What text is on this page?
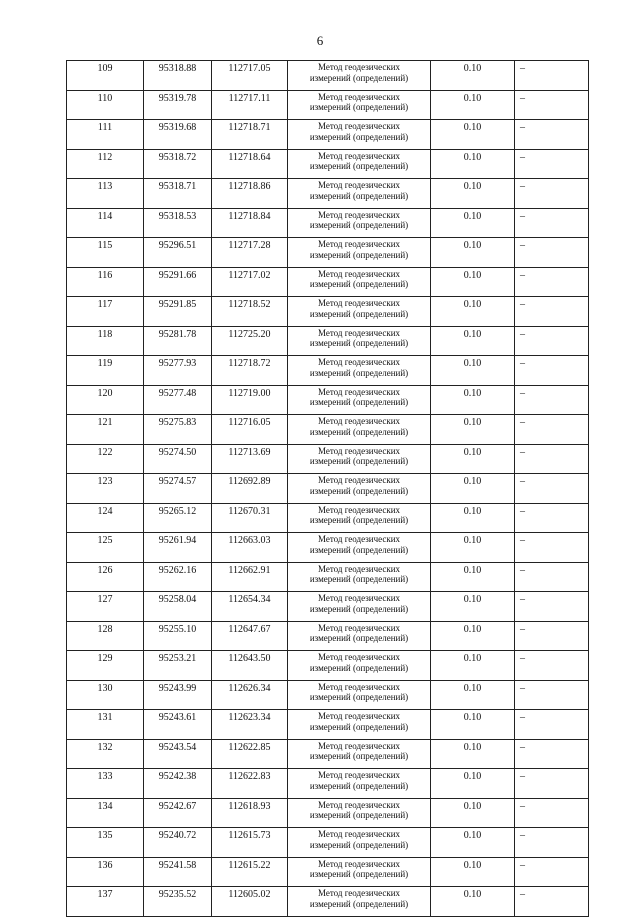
6
109	95318.88	112717.05	Метод геодезических
измерений (определений)	0.10	–
110	95319.78	112717.11	Метод геодезических
измерений (определений)	0.10	–
111	95319.68	112718.71	Метод геодезических
измерений (определений)	0.10	–
112	95318.72	112718.64	Метод геодезических
измерений (определений)	0.10	–
113	95318.71	112718.86	Метод геодезических
измерений (определений)	0.10	–
114	95318.53	112718.84	Метод геодезических
измерений (определений)	0.10	–
115	95296.51	112717.28	Метод геодезических
измерений (определений)	0.10	–
116	95291.66	112717.02	Метод геодезических
измерений (определений)	0.10	–
117	95291.85	112718.52	Метод геодезических
измерений (определений)	0.10	–
118	95281.78	112725.20	Метод геодезических
измерений (определений)	0.10	–
119	95277.93	112718.72	Метод геодезических
измерений (определений)	0.10	–
120	95277.48	112719.00	Метод геодезических
измерений (определений)	0.10	–
121	95275.83	112716.05	Метод геодезических
измерений (определений)	0.10	–
122	95274.50	112713.69	Метод геодезических
измерений (определений)	0.10	–
123	95274.57	112692.89	Метод геодезических
измерений (определений)	0.10	–
124	95265.12	112670.31	Метод геодезических
измерений (определений)	0.10	–
125	95261.94	112663.03	Метод геодезических
измерений (определений)	0.10	–
126	95262.16	112662.91	Метод геодезических
измерений (определений)	0.10	–
127	95258.04	112654.34	Метод геодезических
измерений (определений)	0.10	–
128	95255.10	112647.67	Метод геодезических
измерений (определений)	0.10	–
129	95253.21	112643.50	Метод геодезических
измерений (определений)	0.10	–
130	95243.99	112626.34	Метод геодезических
измерений (определений)	0.10	–
131	95243.61	112623.34	Метод геодезических
измерений (определений)	0.10	–
132	95243.54	112622.85	Метод геодезических
измерений (определений)	0.10	–
133	95242.38	112622.83	Метод геодезических
измерений (определений)	0.10	–
134	95242.67	112618.93	Метод геодезических
измерений (определений)	0.10	–
135	95240.72	112615.73	Метод геодезических
измерений (определений)	0.10	–
136	95241.58	112615.22	Метод геодезических
измерений (определений)	0.10	–
137	95235.52	112605.02	Метод геодезических
измерений (определений)	0.10	–
